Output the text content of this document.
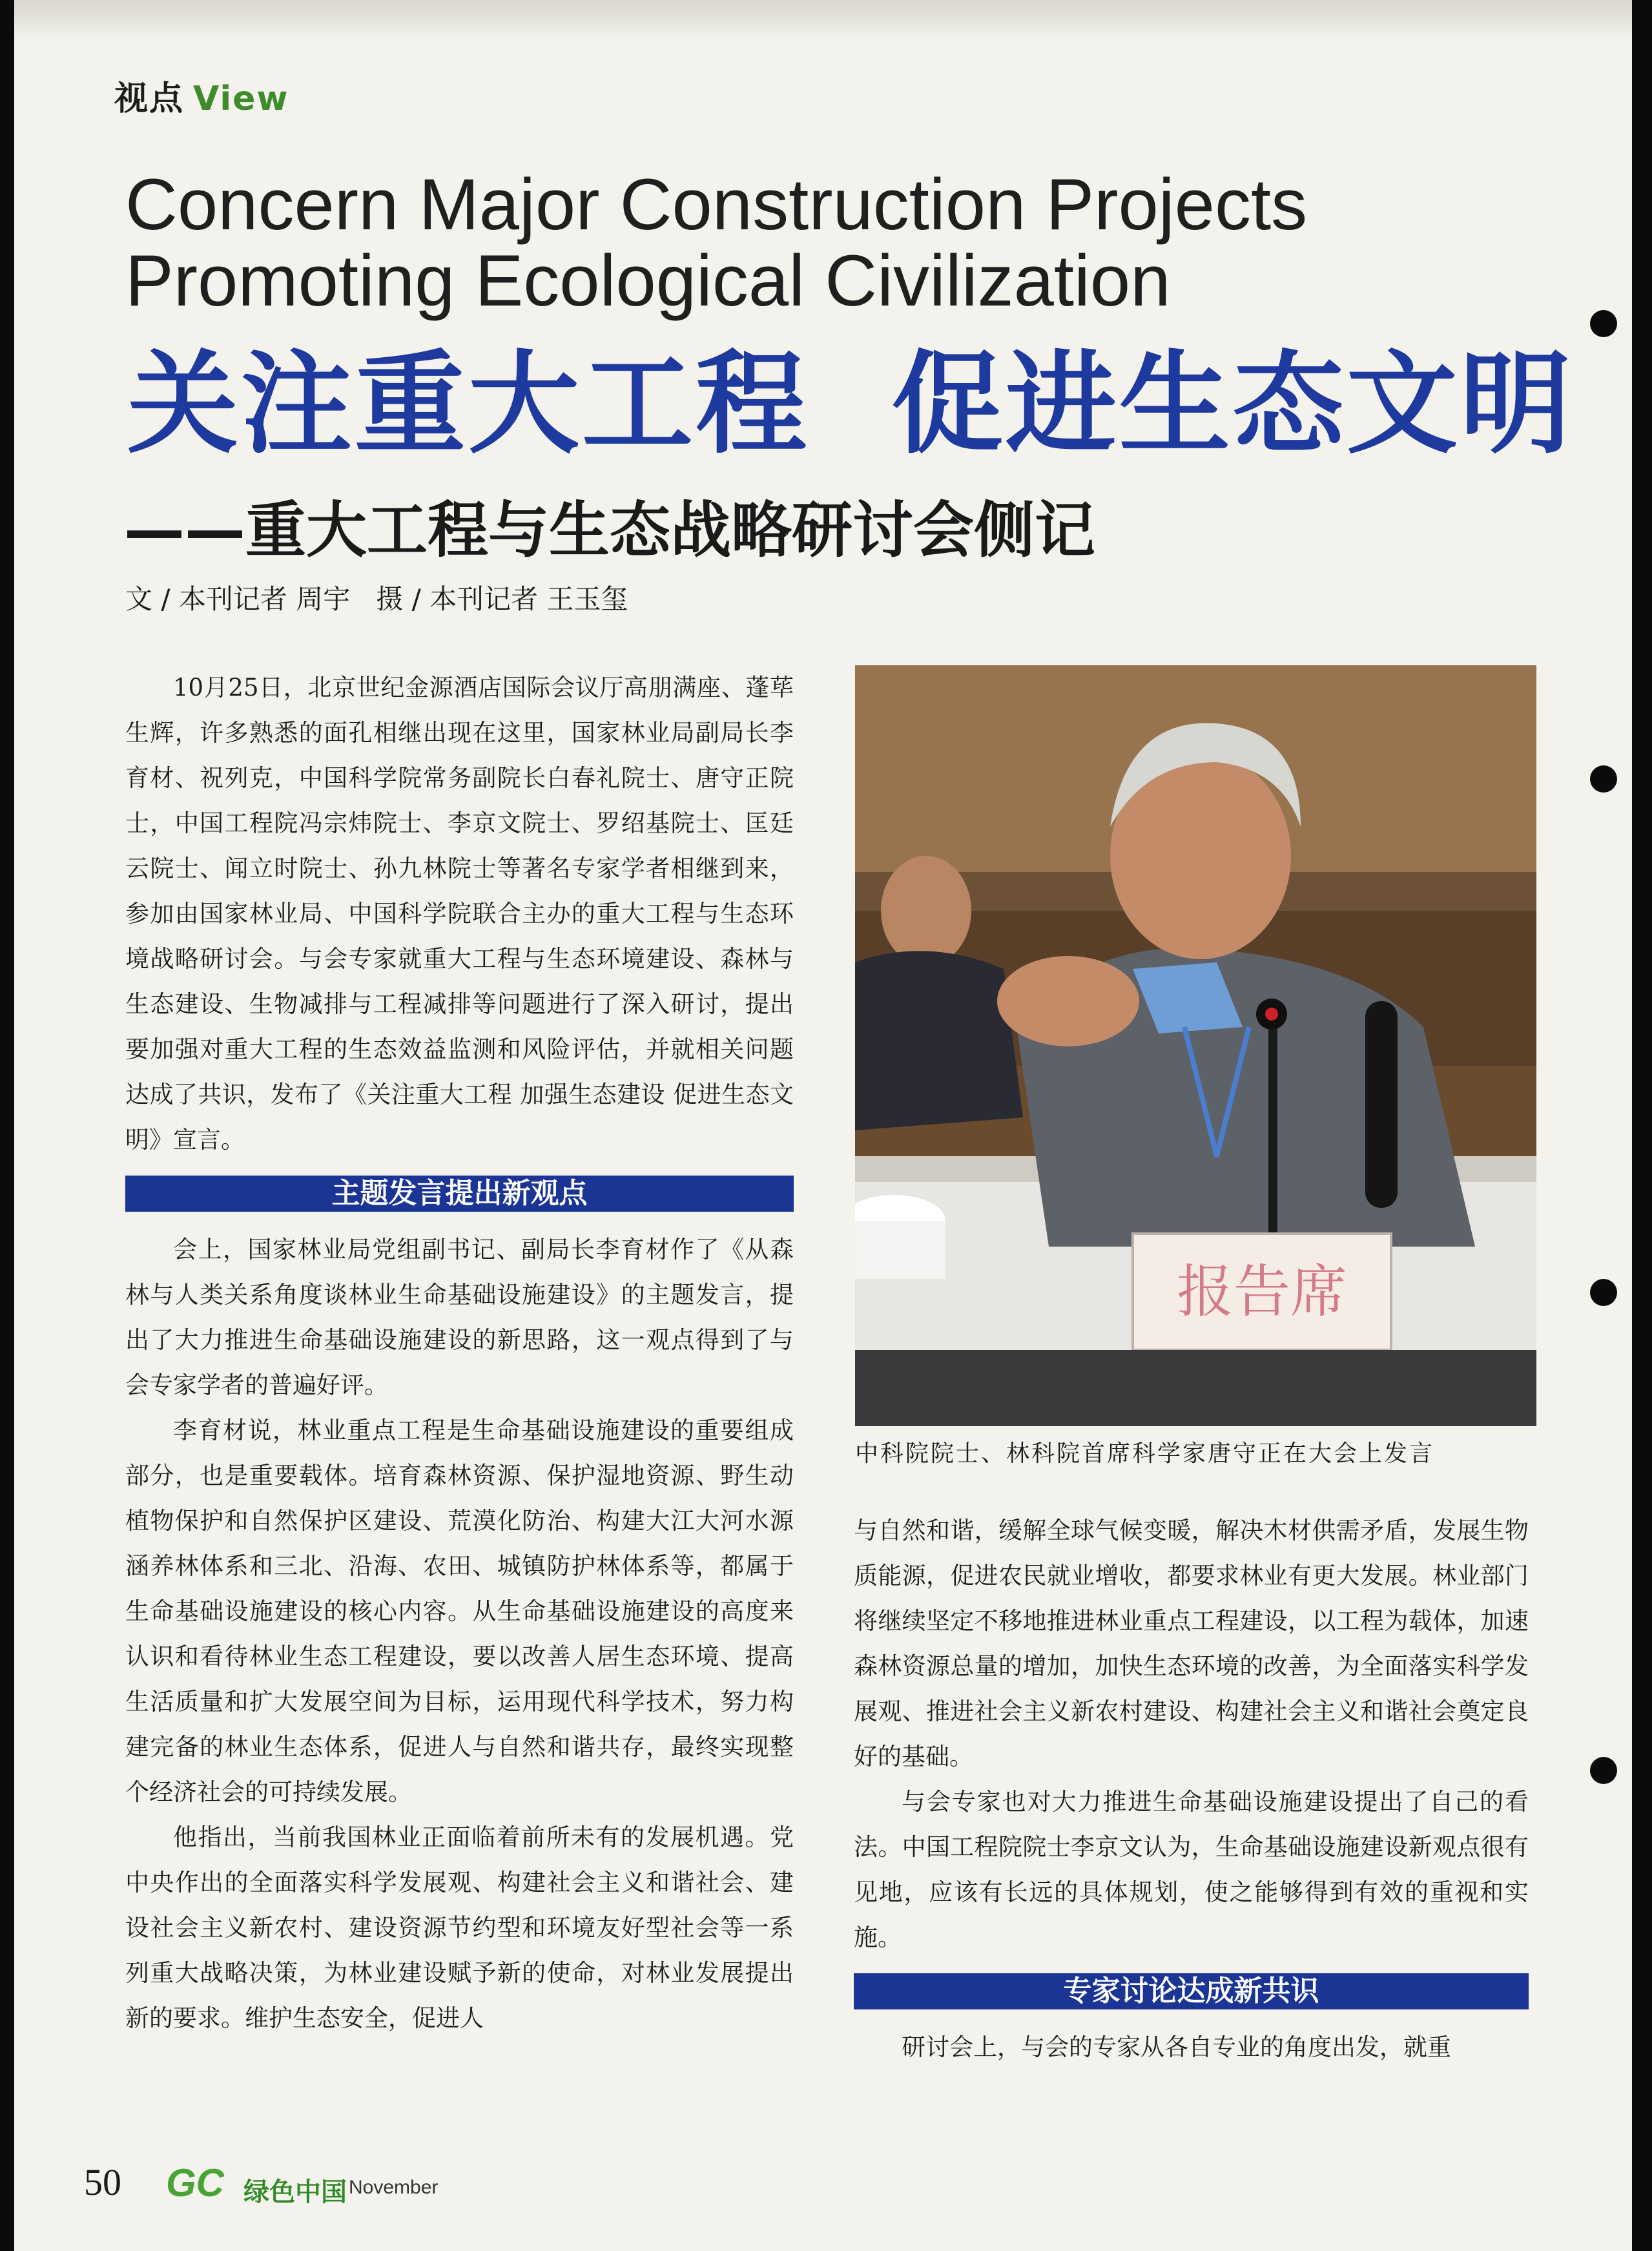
视点 View
Concern Major Construction Projects Promoting Ecological Civilization
关注重大工程  促进生态文明
——重大工程与生态战略研讨会侧记
文 / 本刊记者 周宇   摄 / 本刊记者 王玉玺

10月25日，北京世纪金源酒店国际会议厅高朋满座、蓬荜生辉，许多熟悉的面孔相继出现在这里，国家林业局副局长李育材、祝列克，中国科学院常务副院长白春礼院士、唐守正院士，中国工程院冯宗炜院士、李京文院士、罗绍基院士、匡廷云院士、闻立时院士、孙九林院士等著名专家学者相继到来，参加由国家林业局、中国科学院联合主办的重大工程与生态环境战略研讨会。与会专家就重大工程与生态环境建设、森林与生态建设、生物减排与工程减排等问题进行了深入研讨，提出要加强对重大工程的生态效益监测和风险评估，并就相关问题达成了共识，发布了《关注重大工程 加强生态建设 促进生态文明》宣言。

主题发言提出新观点

会上，国家林业局党组副书记、副局长李育材作了《从森林与人类关系角度谈林业生命基础设施建设》的主题发言，提出了大力推进生命基础设施建设的新思路，这一观点得到了与会专家学者的普遍好评。

李育材说，林业重点工程是生命基础设施建设的重要组成部分，也是重要载体。培育森林资源、保护湿地资源、野生动植物保护和自然保护区建设、荒漠化防治、构建大江大河水源涵养林体系和三北、沿海、农田、城镇防护林体系等，都属于生命基础设施建设的核心内容。从生命基础设施建设的高度来认识和看待林业生态工程建设，要以改善人居生态环境、提高生活质量和扩大发展空间为目标，运用现代科学技术，努力构建完备的林业生态体系，促进人与自然和谐共存，最终实现整个经济社会的可持续发展。

他指出，当前我国林业正面临着前所未有的发展机遇。党中央作出的全面落实科学发展观、构建社会主义和谐社会、建设社会主义新农村、建设资源节约型和环境友好型社会等一系列重大战略决策，为林业建设赋予新的使命，对林业发展提出新的要求。维护生态安全，促进人

报告席
中科院院士、林科院首席科学家唐守正在大会上发言

与自然和谐，缓解全球气候变暖，解决木材供需矛盾，发展生物质能源，促进农民就业增收，都要求林业有更大发展。林业部门将继续坚定不移地推进林业重点工程建设，以工程为载体，加速森林资源总量的增加，加快生态环境的改善，为全面落实科学发展观、推进社会主义新农村建设、构建社会主义和谐社会奠定良好的基础。

与会专家也对大力推进生命基础设施建设提出了自己的看法。中国工程院院士李京文认为，生命基础设施建设新观点很有见地，应该有长远的具体规划，使之能够得到有效的重视和实施。

专家讨论达成新共识

研讨会上，与会的专家从各自专业的角度出发，就重

50 GC 绿色中国 November
